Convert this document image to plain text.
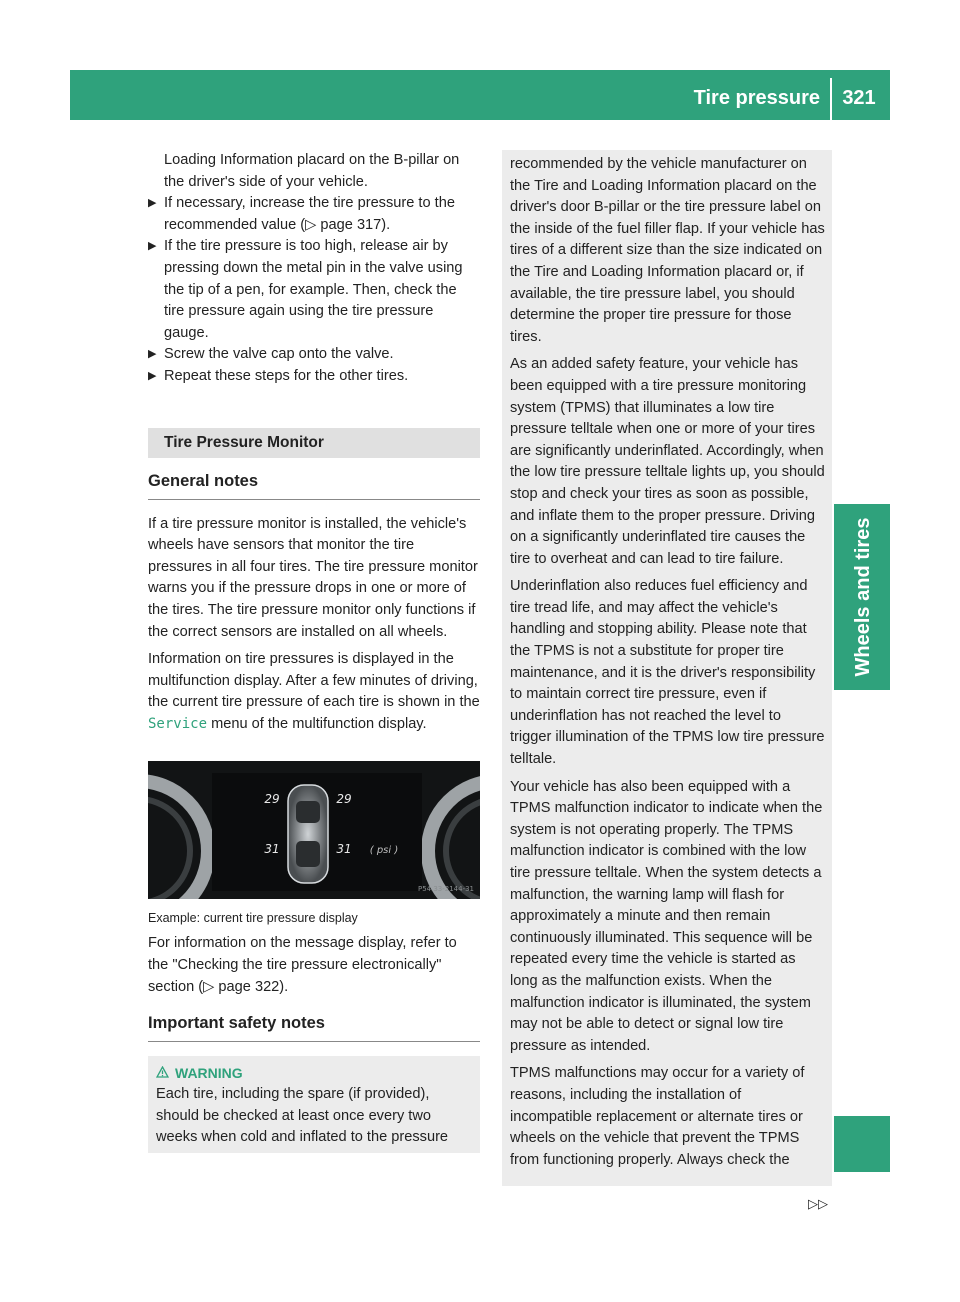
Tire pressure	321
Wheels and tires

Loading Information placard on the B-pillar on the driver's side of your vehicle.

▶ If necessary, increase the tire pressure to the recommended value (▷ page 317).

▶ If the tire pressure is too high, release air by pressing down the metal pin in the valve using the tip of a pen, for example. Then, check the tire pressure again using the tire pressure gauge.

▶ Screw the valve cap onto the valve.

▶ Repeat these steps for the other tires.

Tire Pressure Monitor
General notes

If a tire pressure monitor is installed, the vehicle's wheels have sensors that monitor the tire pressures in all four tires. The tire pressure monitor warns you if the pressure drops in one or more of the tires. The tire pressure monitor only functions if the correct sensors are installed on all wheels.

Information on tire pressures is displayed in the multifunction display. After a few minutes of driving, the current tire pressure of each tire is shown in the Service menu of the multifunction display.

29	29
31	31 ( psi )
P54.33-2144-31

Example: current tire pressure display

For information on the message display, refer to the "Checking the tire pressure electronically" section (▷ page 322).

Important safety notes
WARNING

Each tire, including the spare (if provided), should be checked at least once every two weeks when cold and inflated to the pressure

recommended by the vehicle manufacturer on the Tire and Loading Information placard on the driver's door B-pillar or the tire pressure label on the inside of the fuel filler flap. If your vehicle has tires of a different size than the size indicated on the Tire and Loading Information placard or, if available, the tire pressure label, you should determine the proper tire pressure for those tires.

As an added safety feature, your vehicle has been equipped with a tire pressure monitoring system (TPMS) that illuminates a low tire pressure telltale when one or more of your tires are significantly underinflated. Accordingly, when the low tire pressure telltale lights up, you should stop and check your tires as soon as possible, and inflate them to the proper pressure. Driving on a significantly underinflated tire causes the tire to overheat and can lead to tire failure.

Underinflation also reduces fuel efficiency and tire tread life, and may affect the vehicle's handling and stopping ability. Please note that the TPMS is not a substitute for proper tire maintenance, and it is the driver's responsibility to maintain correct tire pressure, even if underinflation has not reached the level to trigger illumination of the TPMS low tire pressure telltale.

Your vehicle has also been equipped with a TPMS malfunction indicator to indicate when the system is not operating properly. The TPMS malfunction indicator is combined with the low tire pressure telltale. When the system detects a malfunction, the warning lamp will flash for approximately a minute and then remain continuously illuminated. This sequence will be repeated every time the vehicle is started as long as the malfunction exists. When the malfunction indicator is illuminated, the system may not be able to detect or signal low tire pressure as intended.

TPMS malfunctions may occur for a variety of reasons, including the installation of incompatible replacement or alternate tires or wheels on the vehicle that prevent the TPMS from functioning properly. Always check the

▷▷
